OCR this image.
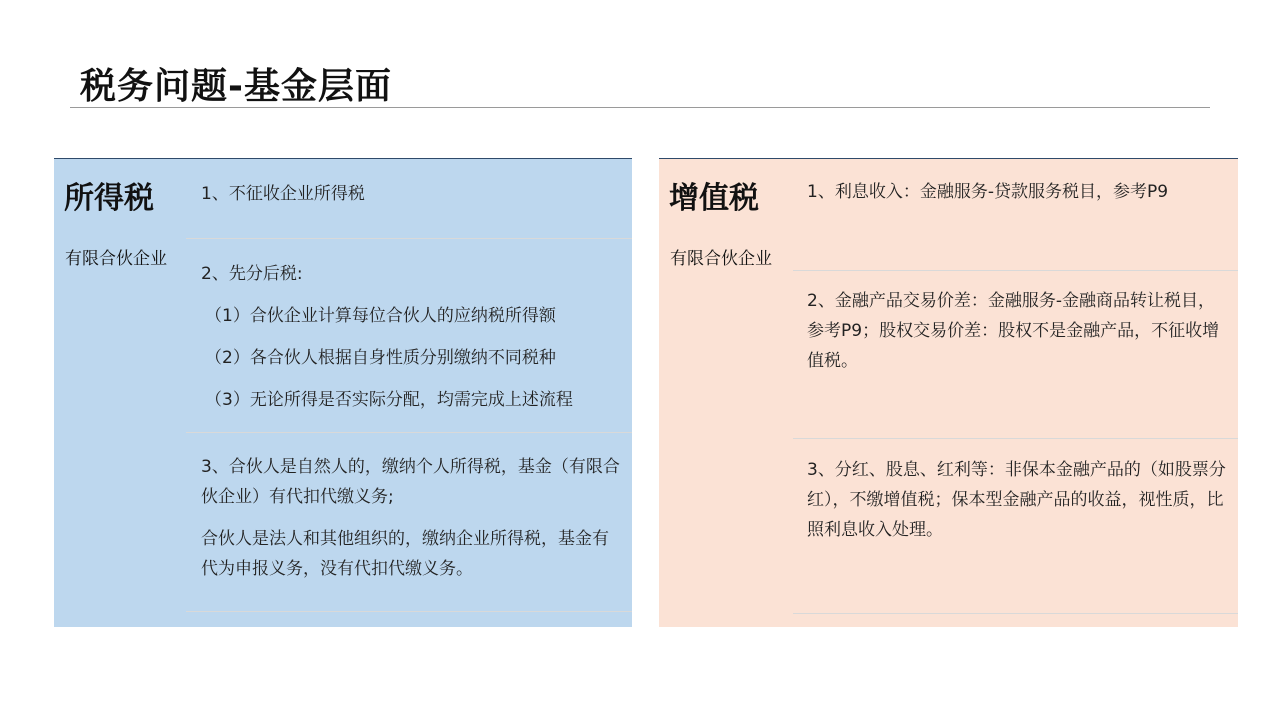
税务问题-基金层面
所得税
有限合伙企业

1、不征收企业所得税

2、先分后税:

（1）合伙企业计算每位合伙人的应纳税所得额

（2）各合伙人根据自身性质分别缴纳不同税种

（3）无论所得是否实际分配，均需完成上述流程

3、合伙人是自然人的，缴纳个人所得税，基金（有限合伙企业）有代扣代缴义务;

合伙人是法人和其他组织的，缴纳企业所得税，基金有代为申报义务，没有代扣代缴义务。

增值税
有限合伙企业

1、利息收入：金融服务-贷款服务税目，参考P9

2、金融产品交易价差：金融服务-金融商品转让税目，参考P9；股权交易价差：股权不是金融产品，不征收增值税。

3、分红、股息、红利等：非保本金融产品的（如股票分红），不缴增值税；保本型金融产品的收益，视性质，比照利息收入处理。
